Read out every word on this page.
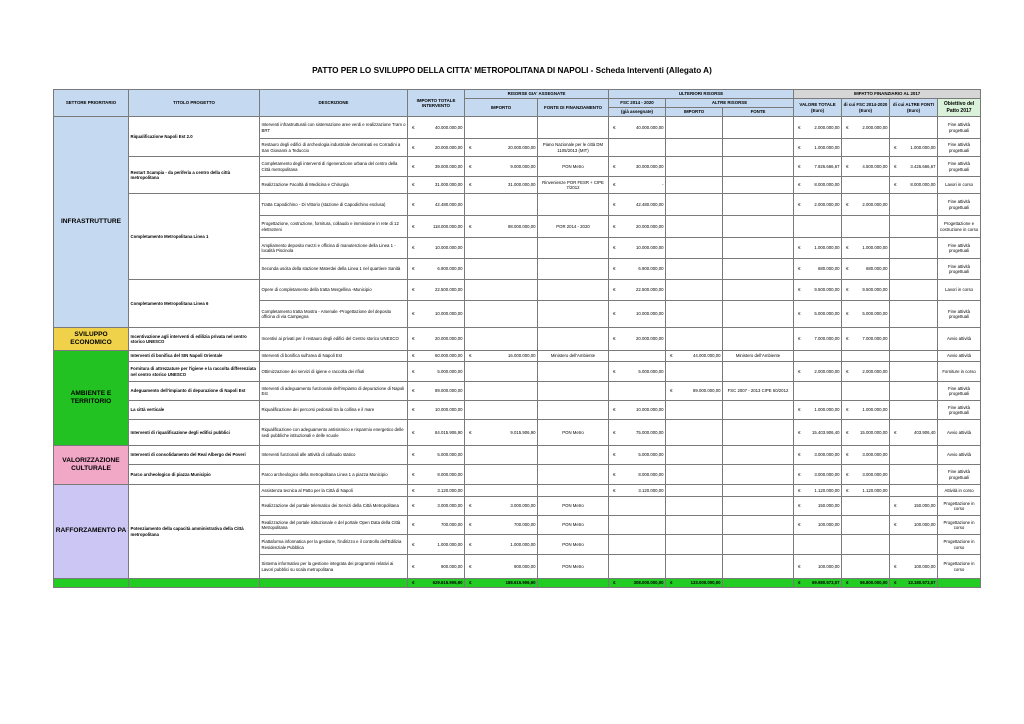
PATTO PER LO SVILUPPO DELLA CITTA' METROPOLITANA DI NAPOLI - Scheda Interventi (Allegato A)
SETTORE PRIORITARIO	TITOLO PROGETTO	DESCRIZIONE	IMPORTO TOTALE INTERVENTO	RISORSE GIA' ASSEGNATE		ULTERIORI RISORSE			IMPATTO FINANZIARIO AL 2017			
				IMPORTO	FONTE DI FINANZIAMENTO	FSC 2014 - 2020	ALTRE RISORSE		VALORE TOTALE (Euro)	di cui FSC 2014-2020 (Euro)	di cui ALTRE FONTI (Euro)	Obiettivo del Patto 2017
						(già assegnate)	IMPORTO	FONTE				
INFRASTRUTTURE	Riqualificazione Napoli Est 2.0	Interventi infrastrutturali con sistemazione aree verdi e realizzazione Tram o BRT	€ 40.000.000,00			€ 40.000.000,00			€ 2.000.000,00	€ 2.000.000,00		Fine attività progettuali
		Restauro degli edifici di archeologia industriale denominati ex Corradini a San Giovanni a Teduccio	€ 20.000.000,00	€ 20.000.000,00	Piano Nazionale per le città DM 1105/2013 (MIT)				€ 1.000.000,00		€ 1.000.000,00	Fine attività progettuali
	Restart Scampia - da periferia a centro della città metropolitana	Completamento degli interventi di rigenerazione urbana del centro della Città metropolitana	€ 39.000.000,00	€ 9.000.000,00	PON Metro	€ 30.000.000,00			€ 7.926.666,67	€ 4.500.000,00	€ 3.426.666,67	Fine attività progettuali
		Realizzazione Facoltà di Medicina e Chirurgia	€ 31.000.000,00	€ 31.000.000,00	Rinvenienze POR FESR + CIPE 7/2012	€ -			€ 8.000.000,00		€ 8.000.000,00	Lavori in corso
	Completamento Metropolitana Linea 1	Tratta Capodichino - Di Vittorio (stazione di Capodichino esclusa)	€ 42.480.000,00			€ 42.480.000,00			€ 2.000.000,00	€ 2.000.000,00		Fine attività progettuali
		Progettazione, costruzione, fornitura, collaudo e immissione in rete di 12 elettrotreni	€ 118.000.000,00	€ 98.000.000,00	POR 2014 - 2020	€ 20.000.000,00						Progettazione e costruzione in corso
		Ampliamento deposito mezzi e officina di manutenzione della Linea 1 - località Piscinola	€ 10.000.000,00			€ 10.000.000,00			€ 1.000.000,00	€ 1.000.000,00		Fine attività progettuali
		Seconda uscita della stazione Materdei della Linea 1 nel quartiere Sanità	€ 6.900.000,00			€ 6.900.000,00			€ 680.000,00	€ 680.000,00		Fine attività progettuali
	Completamento Metropolitana Linea 6	Opere di completamento della tratta Mergellina -Municipio	€ 22.500.000,00			€ 22.500.000,00			€ 9.500.000,00	€ 9.500.000,00		Lavori in corso
		Completamento tratta Mostra - Arsenale -Progettazione del deposito officina di via Campegna	€ 10.000.000,00			€ 10.000.000,00			€ 5.000.000,00	€ 5.000.000,00		Fine attività progettuali
SVILUPPO ECONOMICO	Incentivazione agli interventi di edilizia privata nel centro storico UNESCO	Incentivi ai privati per il restauro degli edifici del Centro storico UNESCO	€ 20.000.000,00			€ 20.000.000,00			€ 7.000.000,00	€ 7.000.000,00		Avvio attività
AMBIENTE E TERRITORIO	Interventi di bonifica del SIN Napoli Orientale	Interventi di bonifica sull'area di Napoli Est	€ 60.000.000,00	€ 16.000.000,00	Ministero dell'Ambiente		€ 44.000.000,00	Ministero dell'Ambiente				Avvio attività
	Fornitura di attrezzature per l'igiene e la raccolta differenziata nel centro storico UNESCO	Ottimizzazione dei servizi di igiene e raccolta dei rifiuti	€ 5.000.000,00			€ 5.000.000,00			€ 2.000.000,00	€ 2.000.000,00		Forniture in corso
	Adeguamento dell'impianto di depurazione di Napoli Est	Interventi di adeguamento funzionale dell'impianto di depurazione di Napoli Est	€ 89.000.000,00				€ 89.000.000,00	FSC 2007 - 2013 CIPE 60/2012				Fine attività progettuali
	La città verticale	Riqualificazione dei percorsi pedonali tra la collina e il mare	€ 10.000.000,00			€ 10.000.000,00			€ 1.000.000,00	€ 1.000.000,00		Fine attività progettuali
	Interventi di riqualificazione degli edifici pubblici	Riqualificazione con adeguamento antisismico e risparmio energetico delle sedi pubbliche istituzionali e delle scuole	€ 84.015.906,90	€ 9.015.906,90	PON Metro	€ 75.000.000,00			€ 15.403.906,40	€ 15.000.000,00	€ 403.906,40	Avvio attività
VALORIZZAZIONE CULTURALE	Interventi di consolidamento del Real Albergo dei Poveri	Interventi funzionali alle attività di collaudo statico	€ 5.000.000,00			€ 5.000.000,00			€ 3.000.000,00	€ 3.000.000,00		Avvio attività
	Parco archeologico di piazza Municipio	Parco archeologico della metropolitana Linea 1 a piazza Municipio	€ 8.000.000,00			€ 8.000.000,00			€ 3.000.000,00	€ 3.000.000,00		Fine attività progettuali
RAFFORZAMENTO PA	Potenziamento della capacità amministrativa della Città metropolitana	Assistenza tecnica al Patto per la Città di Napoli	€ 3.120.000,00			€ 3.120.000,00			€ 1.120.000,00	€ 1.120.000,00		Attività in corso
		Realizzazione del portale telematico dei Servizi della Città Metropolitana	€ 3.000.000,00	€ 3.000.000,00	PON Metro				€ 150.000,00		€ 150.000,00	Progettazione in corso
		Realizzazione del portale istituzionale e del portale Open Data della Città Metropolitana	€ 700.000,00	€ 700.000,00	PON Metro				€ 100.000,00		€ 100.000,00	Progettazione in corso
		Piattaforma informatica per la gestione, l'indirizzo e il controllo dell'Edilizia Residenziale Pubblica	€ 1.000.000,00	€ 1.000.000,00	PON Metro							Progettazione in corso
		Sistema informativo per la gestione integrata dei programmi relativi ai Lavori pubblici su scala metropolitana	€ 900.000,00	€ 900.000,00	PON Metro				€ 100.000,00		€ 100.000,00	Progettazione in corso

			€ 629.615.906,90	€ 188.615.906,90		€ 308.000.000,00	€ 133.000.000,00		€ 69.980.573,07	€ 56.800.000,00	€ 13.180.573,07	
